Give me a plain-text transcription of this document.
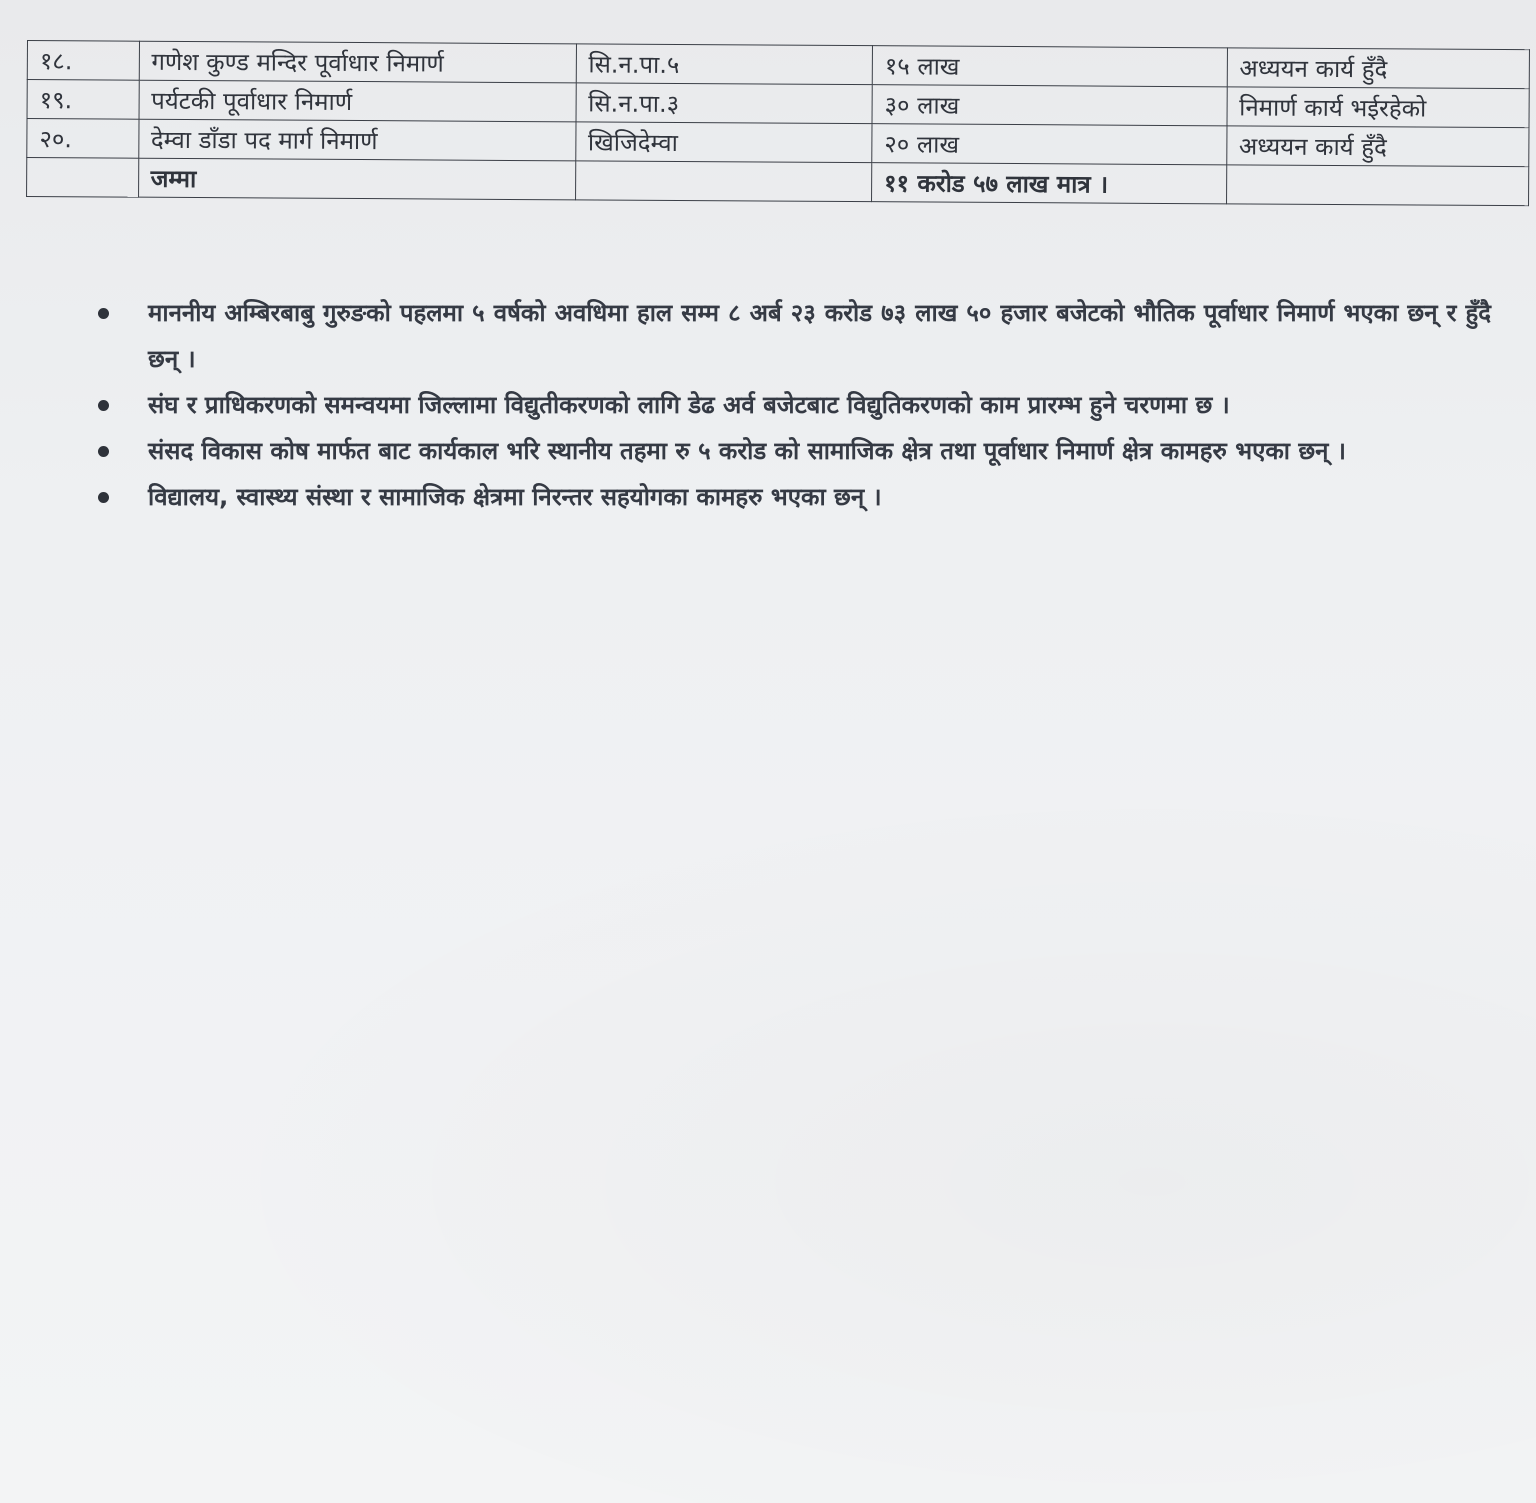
१८.	गणेश कुण्ड मन्दिर पूर्वाधार निमार्ण	सि.न.पा.५	१५ लाख	अध्ययन कार्य हुँदै
१९.	पर्यटकी पूर्वाधार निमार्ण	सि.न.पा.३	३० लाख	निमार्ण कार्य भईरहेको
२०.	देम्वा डाँडा पद मार्ग निमार्ण	खिजिदेम्वा	२० लाख	अध्ययन कार्य हुँदै
	जम्मा		११ करोड ५७ लाख मात्र ।	
माननीय अम्बिरबाबु गुरुङको पहलमा ५ वर्षको अवधिमा हाल सम्म ८ अर्ब २३ करोड ७३ लाख ५० हजार बजेटको भौतिक पूर्वाधार निमार्ण भएका छन् र हुँदै छन् ।
संघ र प्राधिकरणको समन्वयमा जिल्लामा विद्युतीकरणको लागि डेढ अर्व बजेटबाट विद्युतिकरणको काम प्रारम्भ हुने चरणमा छ ।
संसद विकास कोष मार्फत बाट कार्यकाल भरि स्थानीय तहमा रु ५ करोड को सामाजिक क्षेत्र तथा पूर्वाधार निमार्ण क्षेत्र कामहरु भएका छन् ।
विद्यालय, स्वास्थ्य संस्था र सामाजिक क्षेत्रमा निरन्तर सहयोगका कामहरु भएका छन् ।
